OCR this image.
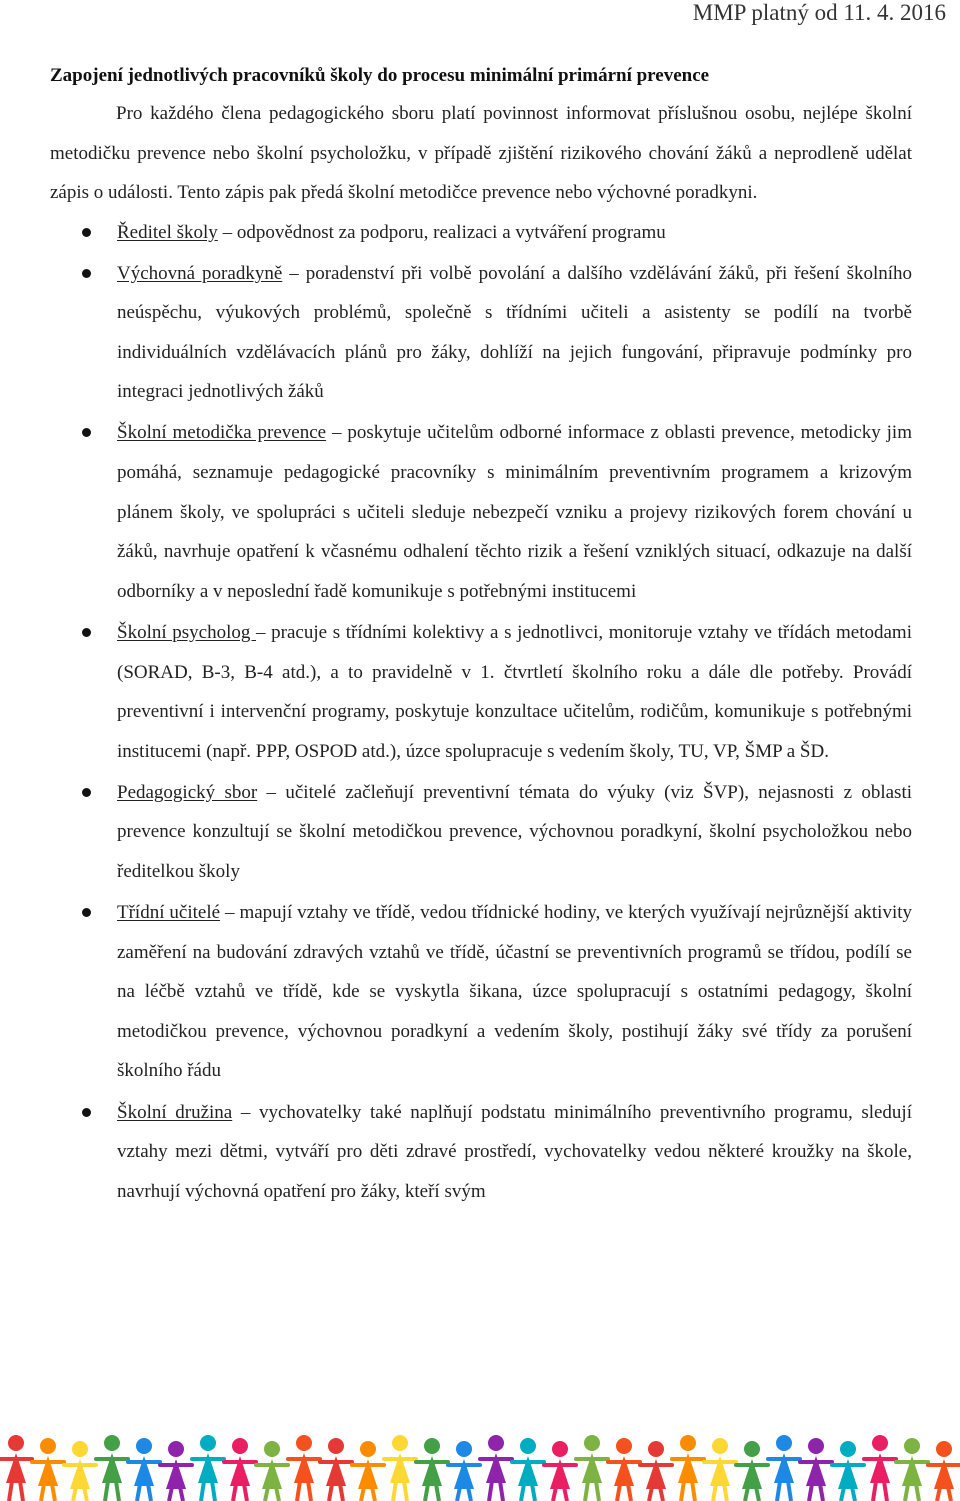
MMP platný od 11. 4. 2016
Zapojení jednotlivých pracovníků školy do procesu minimální primární prevence

Pro každého člena pedagogického sboru platí povinnost informovat příslušnou osobu, nejlépe školní metodičku prevence nebo školní psycholožku, v případě zjištění rizikového chování žáků a neprodleně udělat zápis o události. Tento zápis pak předá školní metodičce prevence nebo výchovné poradkyni.

Ředitel školy – odpovědnost za podporu, realizaci a vytváření programu
Výchovná poradkyně – poradenství při volbě povolání a dalšího vzdělávání žáků, při řešení školního neúspěchu, výukových problémů, společně s třídními učiteli a asistenty se podílí na tvorbě individuálních vzdělávacích plánů pro žáky, dohlíží na jejich fungování, připravuje podmínky pro integraci jednotlivých žáků
Školní metodička prevence – poskytuje učitelům odborné informace z oblasti prevence, metodicky jim pomáhá, seznamuje pedagogické pracovníky s minimálním preventivním programem a krizovým plánem školy, ve spolupráci s učiteli sleduje nebezpečí vzniku a projevy rizikových forem chování u žáků, navrhuje opatření k včasnému odhalení těchto rizik a řešení vzniklých situací, odkazuje na další odborníky a v neposlední řadě komunikuje s potřebnými institucemi
Školní psycholog – pracuje s třídními kolektivy a s jednotlivci, monitoruje vztahy ve třídách metodami (SORAD, B-3, B-4 atd.), a to pravidelně v 1. čtvrtletí školního roku a dále dle potřeby. Provádí preventivní i intervenční programy, poskytuje konzultace učitelům, rodičům, komunikuje s potřebnými institucemi (např. PPP, OSPOD atd.), úzce spolupracuje s vedením školy, TU, VP, ŠMP a ŠD.
Pedagogický sbor – učitelé začleňují preventivní témata do výuky (viz ŠVP), nejasnosti z oblasti prevence konzultují se školní metodičkou prevence, výchovnou poradkyní, školní psycholožkou nebo ředitelkou školy
Třídní učitelé – mapují vztahy ve třídě, vedou třídnické hodiny, ve kterých využívají nejrůznější aktivity zaměření na budování zdravých vztahů ve třídě, účastní se preventivních programů se třídou, podílí se na léčbě vztahů ve třídě, kde se vyskytla šikana, úzce spolupracují s ostatními pedagogy, školní metodičkou prevence, výchovnou poradkyní a vedením školy, postihují žáky své třídy za porušení školního řádu
Školní družina – vychovatelky také naplňují podstatu minimálního preventivního programu, sledují vztahy mezi dětmi, vytváří pro děti zdravé prostředí, vychovatelky vedou některé kroužky na škole, navrhují výchovná opatření pro žáky, kteří svým
